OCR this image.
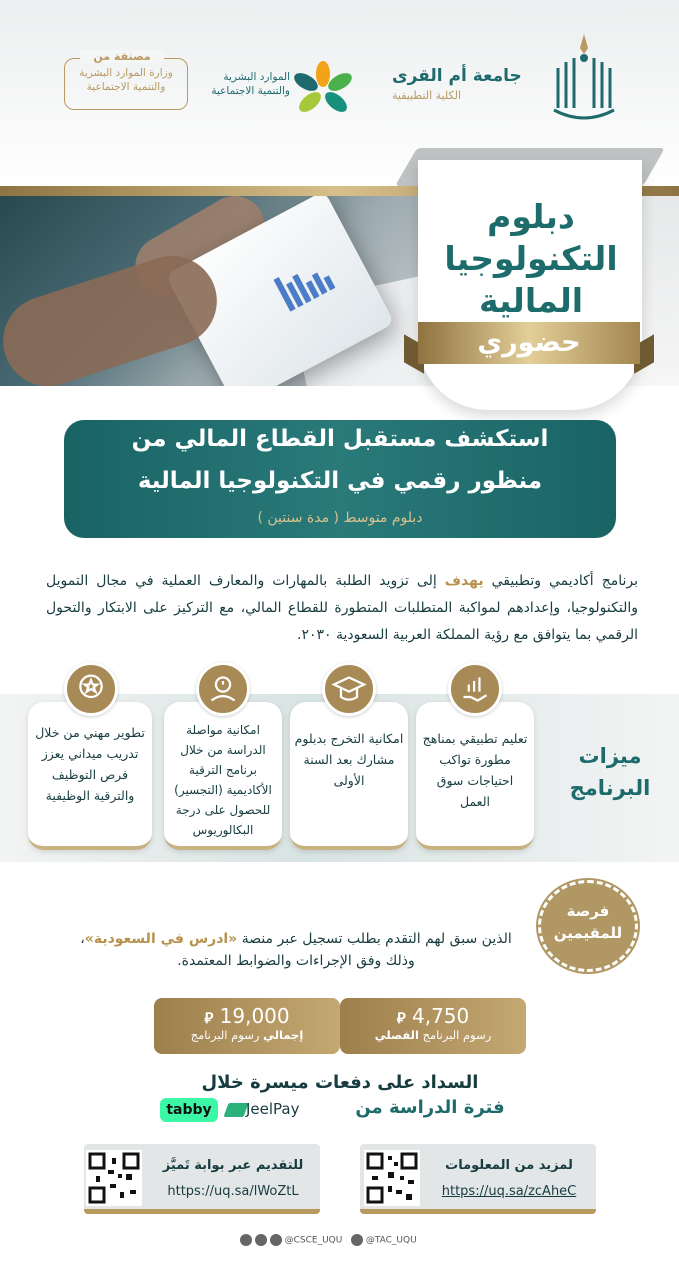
جامعة أم القرى
الكلية التطبيقية
الموارد البشرية والتنمية الاجتماعية
مصنفة من
وزارة الموارد البشرية والتنمية الاجتماعية
دبلوم
التكنولوجيا
المالية
حضوري
استكشف مستقبل القطاع المالي من
منظور رقمي في التكنولوجيا المالية
دبلوم متوسط ( مدة سنتين )
برنامج أكاديمي وتطبيقي يهدف إلى تزويد الطلبة بالمهارات والمعارف العملية في مجال التمويل والتكنولوجيا، وإعدادهم لمواكبة المتطلبات المتطورة للقطاع المالي، مع التركيز على الابتكار والتحول الرقمي بما يتوافق مع رؤية المملكة العربية السعودية ٢٠٣٠.
ميزات
البرنامج
تعليم تطبيقي بمناهج مطورة تواكب احتياجات سوق العمل
امكانية التخرج بدبلوم مشارك بعد السنة الأولى
امكانية مواصلة الدراسة من خلال برنامج الترقية الأكاديمية (التجسير) للحصول على درجة البكالوريوس
تطوير مهني من خلال تدريب ميداني يعزز فرص التوظيف والترقية الوظيفية
فرصة
للمقيمين
الذين سبق لهم التقدم بطلب تسجيل عبر منصة «ادرس في السعودية»، وذلك وفق الإجراءات والضوابط المعتمدة.
4,750 ⃁
رسوم البرنامج الفصلي
19,000 ⃁
إجمالي رسوم البرنامج
السداد على دفعات ميسرة خلال
فترة الدراسة من
JeelPay
tabby
لمزيد من المعلومات
https://uq.sa/zcAheC
للتقديم عبر بوابة تَميَّز
https://uq.sa/lWoZtL
@CSCE_UQU	@TAC_UQU
